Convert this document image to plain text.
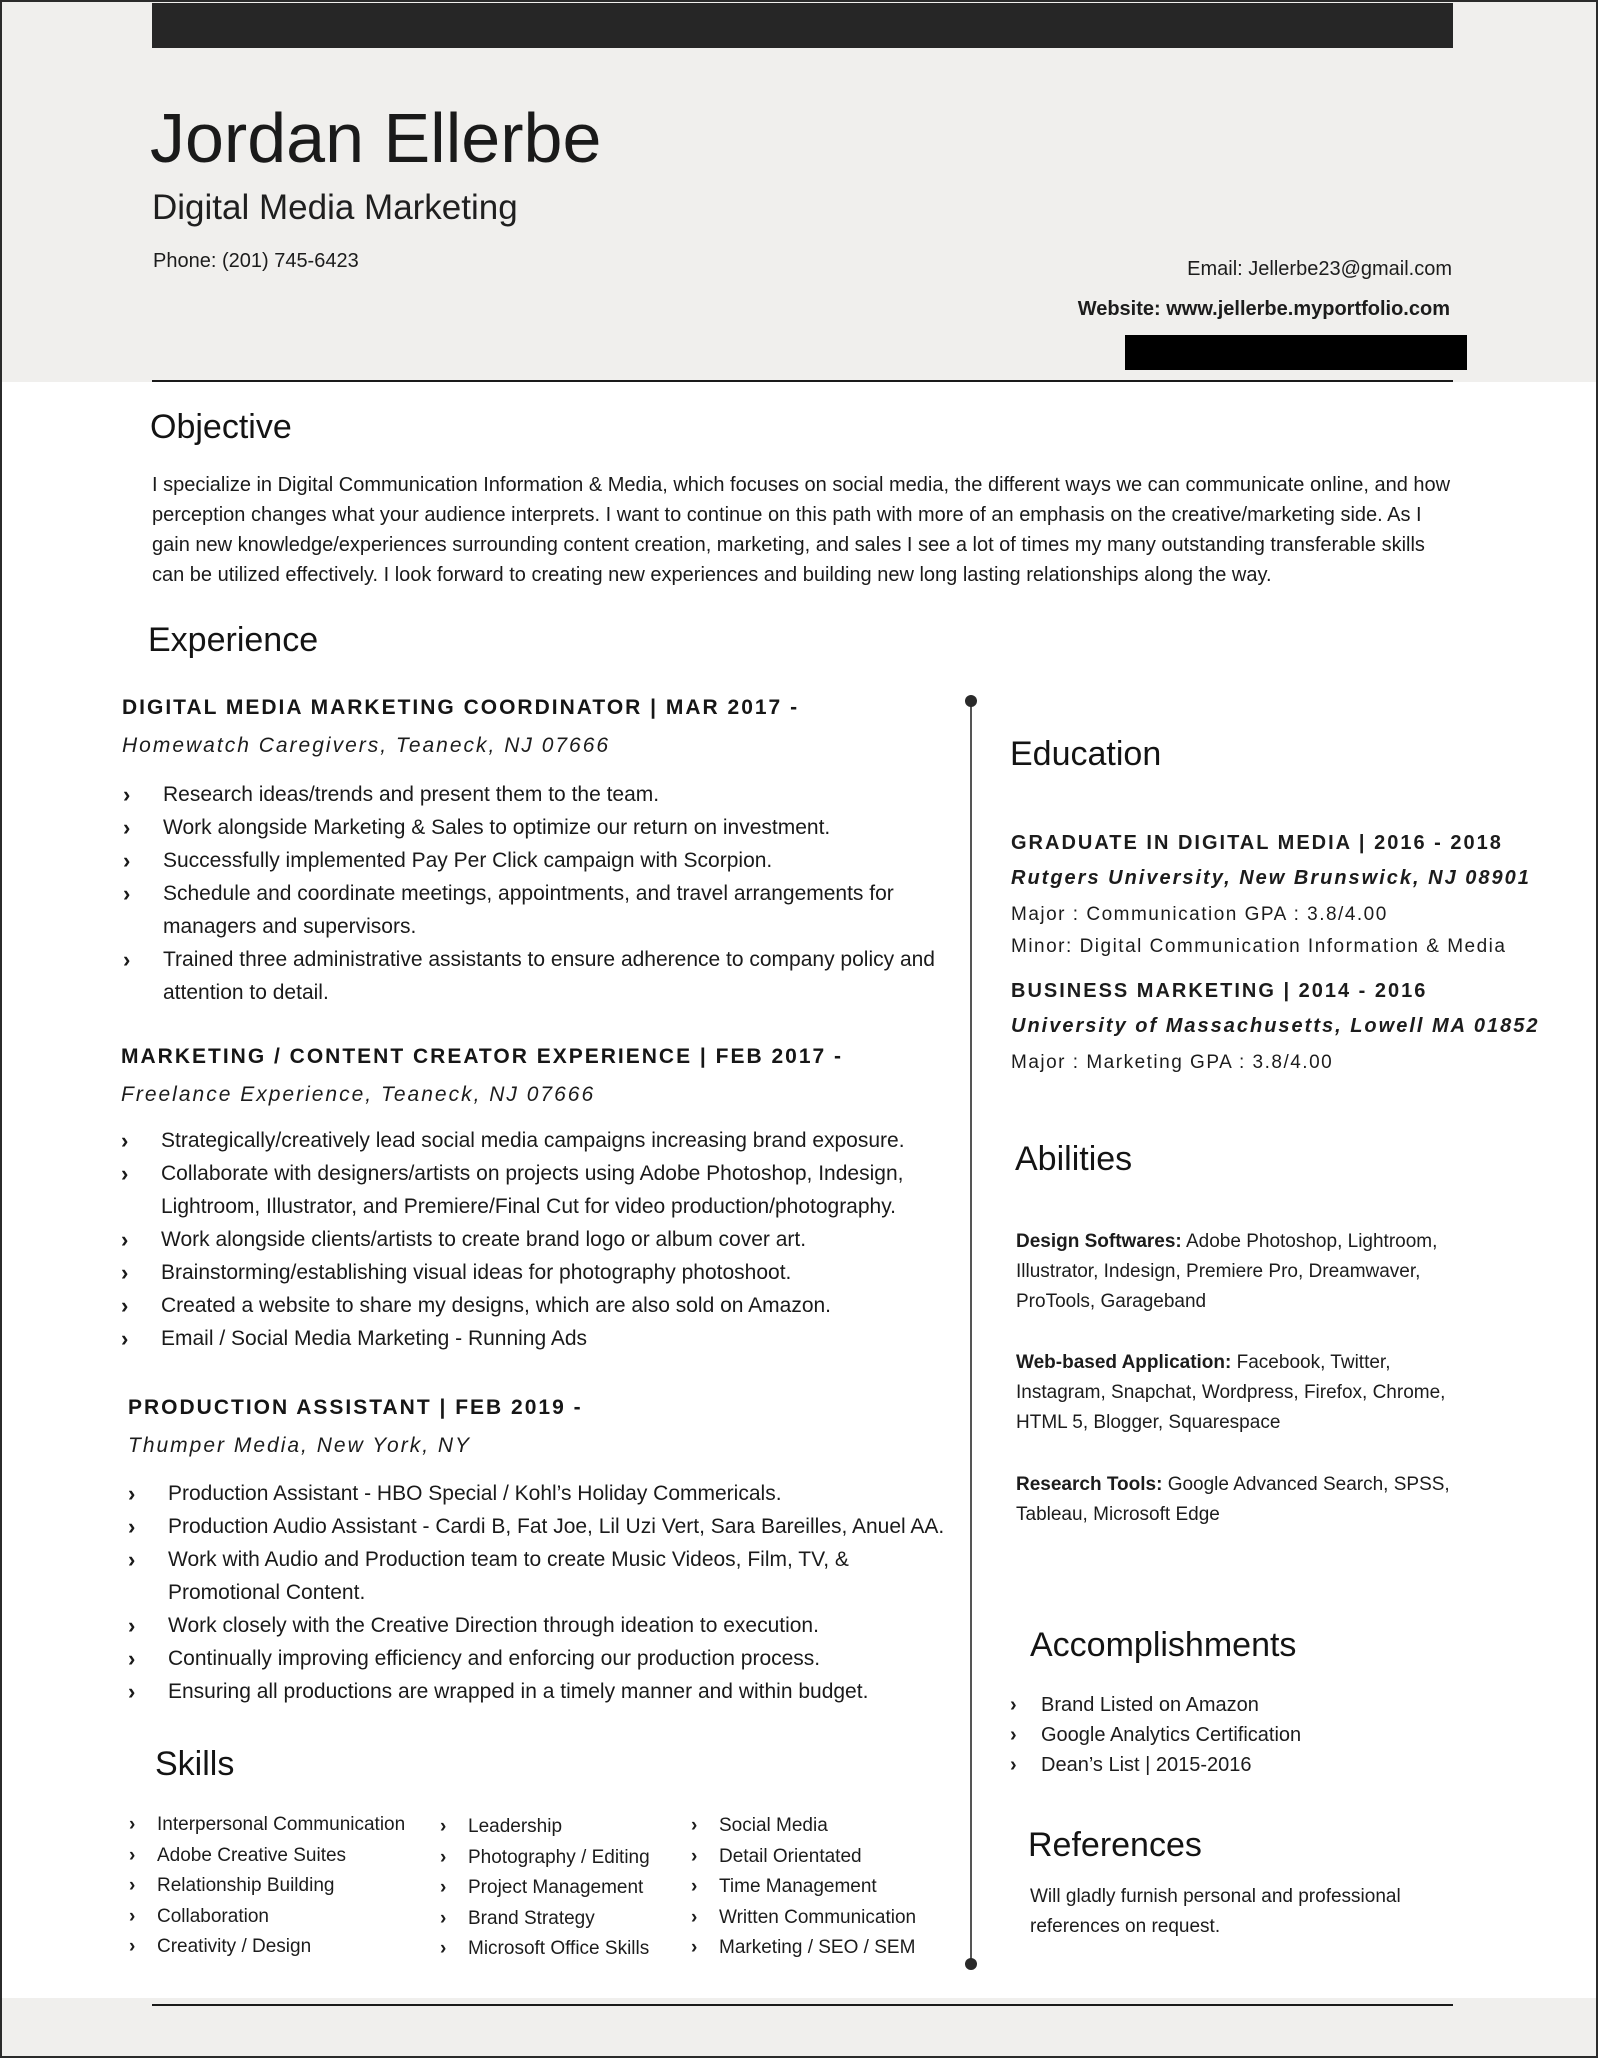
Jordan Ellerbe
Digital Media Marketing
Phone: (201) 745-6423	Email: Jellerbe23@gmail.com
Website: www.jellerbe.myportfolio.com
Objective
I specialize in Digital Communication Information & Media, which focuses on social media, the different ways we can communicate online, and how perception changes what your audience interprets. I want to continue on this path with more of an emphasis on the creative/marketing side. As I gain new knowledge/experiences surrounding content creation, marketing, and sales I see a lot of times my many outstanding transferable skills can be utilized effectively. I look forward to creating new experiences and building new long lasting relationships along the way.
Experience
DIGITAL MEDIA MARKETING COORDINATOR | MAR 2017 -
Homewatch Caregivers, Teaneck, NJ 07666
› Research ideas/trends and present them to the team.
› Work alongside Marketing & Sales to optimize our return on investment.
› Successfully implemented Pay Per Click campaign with Scorpion.
› Schedule and coordinate meetings, appointments, and travel arrangements for managers and supervisors.
› Trained three administrative assistants to ensure adherence to company policy and attention to detail.
MARKETING / CONTENT CREATOR EXPERIENCE | FEB 2017 -
Freelance Experience, Teaneck, NJ 07666
› Strategically/creatively lead social media campaigns increasing brand exposure.
› Collaborate with designers/artists on projects using Adobe Photoshop, Indesign, Lightroom, Illustrator, and Premiere/Final Cut for video production/photography.
› Work alongside clients/artists to create brand logo or album cover art.
› Brainstorming/establishing visual ideas for photography photoshoot.
› Created a website to share my designs, which are also sold on Amazon.
› Email / Social Media Marketing - Running Ads
PRODUCTION ASSISTANT | FEB 2019 -
Thumper Media, New York, NY
› Production Assistant - HBO Special / Kohl’s Holiday Commericals.
› Production Audio Assistant - Cardi B, Fat Joe, Lil Uzi Vert, Sara Bareilles, Anuel AA.
› Work with Audio and Production team to create Music Videos, Film, TV, & Promotional Content.
› Work closely with the Creative Direction through ideation to execution.
› Continually improving efficiency and enforcing our production process.
› Ensuring all productions are wrapped in a timely manner and within budget.
Skills
› Interpersonal Communication
› Adobe Creative Suites
› Relationship Building
› Collaboration
› Creativity / Design
› Leadership
› Photography / Editing
› Project Management
› Brand Strategy
› Microsoft Office Skills
› Social Media
› Detail Orientated
› Time Management
› Written Communication
› Marketing / SEO / SEM
Education
GRADUATE IN DIGITAL MEDIA | 2016 - 2018
Rutgers University, New Brunswick, NJ 08901
Major : Communication GPA : 3.8/4.00
Minor: Digital Communication Information & Media
BUSINESS MARKETING | 2014 - 2016
University of Massachusetts, Lowell MA 01852
Major : Marketing GPA : 3.8/4.00
Abilities
Design Softwares: Adobe Photoshop, Lightroom, Illustrator, Indesign, Premiere Pro, Dreamwaver, ProTools, Garageband
Web-based Application: Facebook, Twitter, Instagram, Snapchat, Wordpress, Firefox, Chrome, HTML 5, Blogger, Squarespace
Research Tools: Google Advanced Search, SPSS, Tableau, Microsoft Edge
Accomplishments
› Brand Listed on Amazon
› Google Analytics Certification
› Dean’s List | 2015-2016
References
Will gladly furnish personal and professional references on request.
